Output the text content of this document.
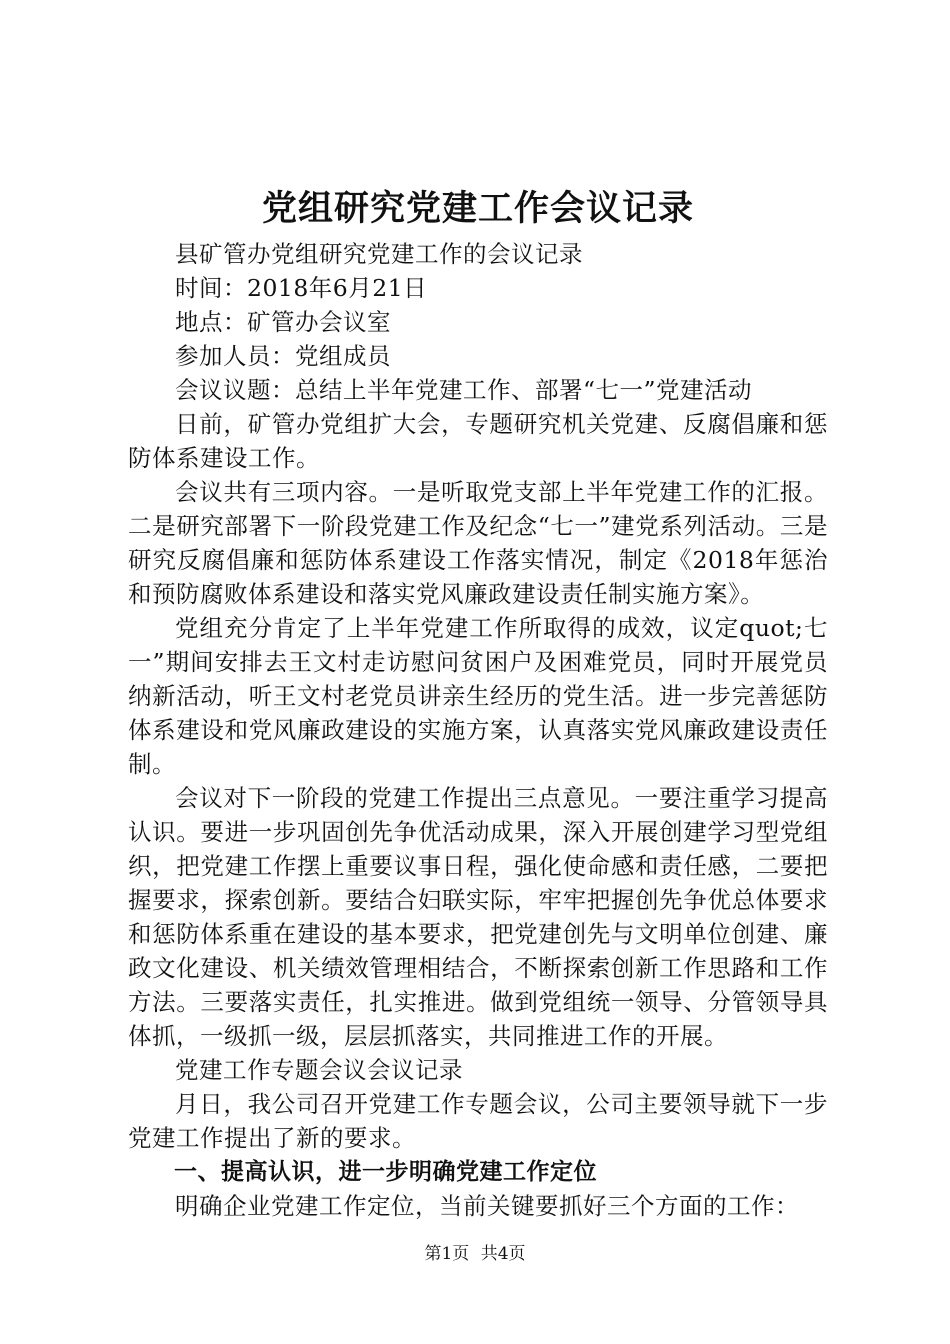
党组研究党建工作会议记录

县矿管办党组研究党建工作的会议记录

时间：2018年6月21日

地点：矿管办会议室

参加人员：党组成员

会议议题：总结上半年党建工作、部署“七一”党建活动

日前，矿管办党组扩大会，专题研究机关党建、反腐倡廉和惩防体系建设工作。

会议共有三项内容。一是听取党支部上半年党建工作的汇报。二是研究部署下一阶段党建工作及纪念“七一”建党系列活动。三是研究反腐倡廉和惩防体系建设工作落实情况，制定《2018年惩治和预防腐败体系建设和落实党风廉政建设责任制实施方案》。

党组充分肯定了上半年党建工作所取得的成效，议定quot;七一”期间安排去王文村走访慰问贫困户及困难党员，同时开展党员纳新活动，听王文村老党员讲亲生经历的党生活。进一步完善惩防体系建设和党风廉政建设的实施方案，认真落实党风廉政建设责任制。

会议对下一阶段的党建工作提出三点意见。一要注重学习提高认识。要进一步巩固创先争优活动成果，深入开展创建学习型党组织，把党建工作摆上重要议事日程，强化使命感和责任感，二要把握要求，探索创新。要结合妇联实际，牢牢把握创先争优总体要求和惩防体系重在建设的基本要求，把党建创先与文明单位创建、廉政文化建设、机关绩效管理相结合，不断探索创新工作思路和工作方法。三要落实责任，扎实推进。做到党组统一领导、分管领导具体抓，一级抓一级，层层抓落实，共同推进工作的开展。

党建工作专题会议会议记录

月日，我公司召开党建工作专题会议，公司主要领导就下一步党建工作提出了新的要求。

一、提高认识，进一步明确党建工作定位

明确企业党建工作定位，当前关键要抓好三个方面的工作：

第1页 共4页
